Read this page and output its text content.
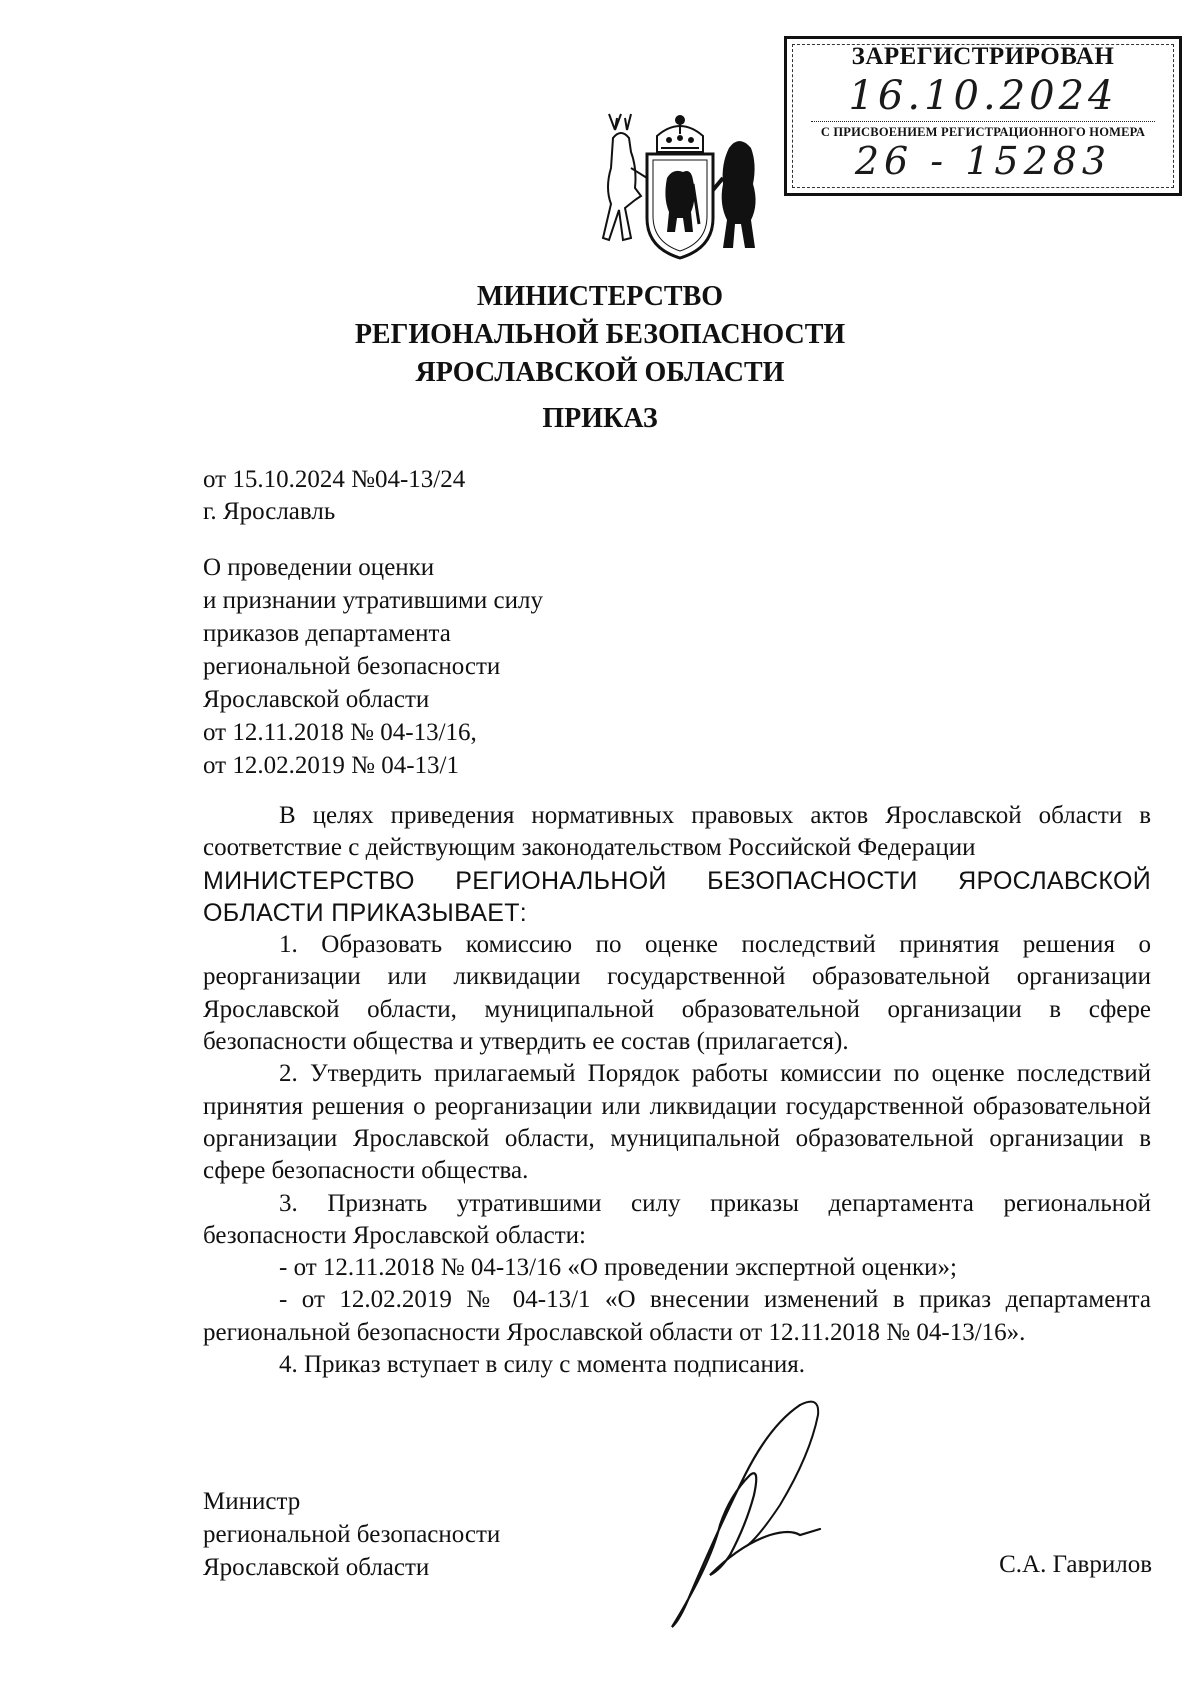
ЗАРЕГИСТРИРОВАН
16.10.2024
С ПРИСВОЕНИЕМ РЕГИСТРАЦИОННОГО НОМЕРА
26 - 15283
МИНИСТЕРСТВО
РЕГИОНАЛЬНОЙ БЕЗОПАСНОСТИ
ЯРОСЛАВСКОЙ ОБЛАСТИ
ПРИКАЗ
от 15.10.2024 №04-13/24
г. Ярославль
О проведении оценки
и признании утратившими силу
приказов департамента
региональной безопасности
Ярославской области
от 12.11.2018 № 04-13/16,
от 12.02.2019 № 04-13/1

В целях приведения нормативных правовых актов Ярославской области в соответствие с действующим законодательством Российской Федерации

МИНИСТЕРСТВО РЕГИОНАЛЬНОЙ БЕЗОПАСНОСТИ ЯРОСЛАВСКОЙ ОБЛАСТИ ПРИКАЗЫВАЕТ:

1. Образовать комиссию по оценке последствий принятия решения о реорганизации или ликвидации государственной образовательной организации Ярославской области, муниципальной образовательной организации в сфере безопасности общества и утвердить ее состав (прилагается).

2. Утвердить прилагаемый Порядок работы комиссии по оценке последствий принятия решения о реорганизации или ликвидации государственной образовательной организации Ярославской области, муниципальной образовательной организации в сфере безопасности общества.

3. Признать утратившими силу приказы департамента региональной безопасности Ярославской области:

- от 12.11.2018 № 04-13/16 «О проведении экспертной оценки»;

- от 12.02.2019 № 04-13/1 «О внесении изменений в приказ департамента региональной безопасности Ярославской области от 12.11.2018 № 04-13/16».

4. Приказ вступает в силу с момента подписания.

Министр
региональной безопасности
Ярославской области	С.А. Гаврилов
